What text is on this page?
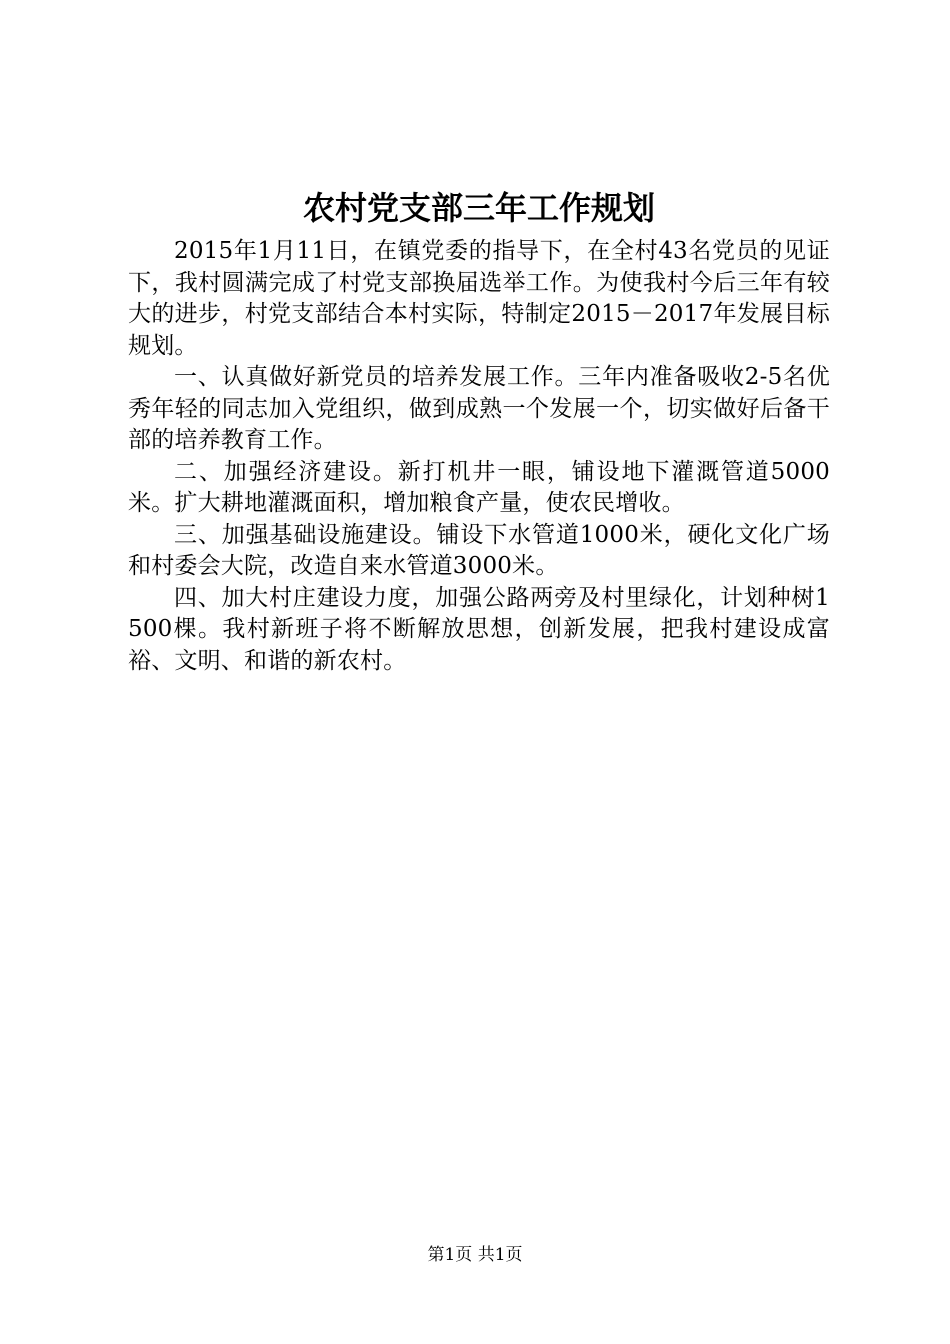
农村党支部三年工作规划

2015年1月11日，在镇党委的指导下，在全村43名党员的见证下，我村圆满完成了村党支部换届选举工作。为使我村今后三年有较大的进步，村党支部结合本村实际，特制定2015－2017年发展目标规划。

一、认真做好新党员的培养发展工作。三年内准备吸收2-5名优秀年轻的同志加入党组织，做到成熟一个发展一个，切实做好后备干部的培养教育工作。

二、加强经济建设。新打机井一眼，铺设地下灌溉管道5000米。扩大耕地灌溉面积，增加粮食产量，使农民增收。

三、加强基础设施建设。铺设下水管道1000米，硬化文化广场和村委会大院，改造自来水管道3000米。

四、加大村庄建设力度，加强公路两旁及村里绿化，计划种树1500棵。我村新班子将不断解放思想，创新发展，把我村建设成富裕、文明、和谐的新农村。

第1页 共1页
